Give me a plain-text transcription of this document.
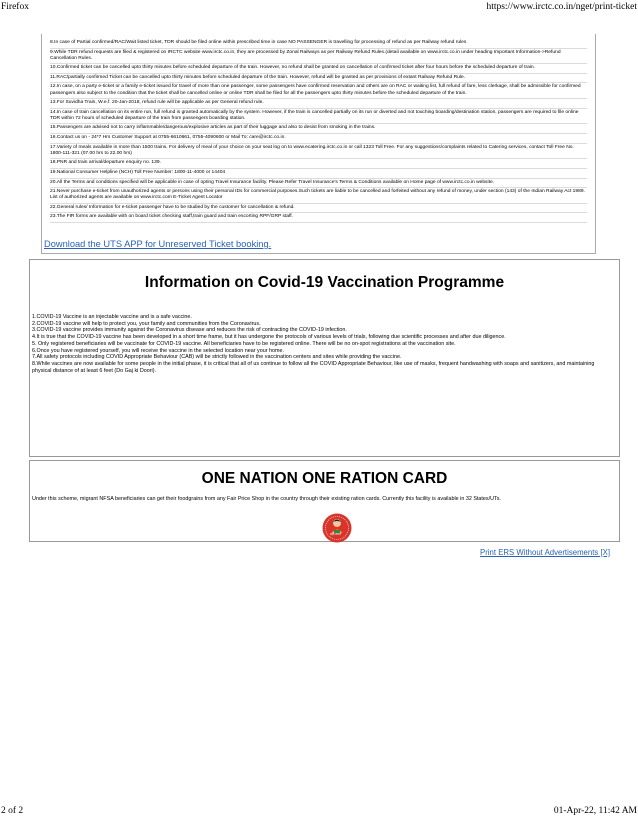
Firefox	https://www.irctc.co.in/nget/print-ticket
8.In case of Partial confirmed/RAC/Wait listed ticket, TDR should be filed online within prescribed time in case NO PASSENGER is travelling for processing of refund as per Railway refund rules
9.While TDR refund requests are filed & registered on IRCTC website www.irctc.co.in, they are processed by Zonal Railways as per Railway Refund Rules.(detail available on www.irctc.co.in under heading Important Information->Refund Cancellation Rules.
10.Confirmed ticket can be cancelled upto thirty minutes before scheduled departure of the train. However, no refund shall be granted on cancellation of confirmed ticket after four hours before the scheduled departure of train.
11.RAC/partially confirmed Ticket can be cancelled upto thirty minutes before scheduled departure of the train. However, refund will be granted as per provisions of extant Railway Refund Rule.
12.In case, on a party e-ticket or a family e-ticket issued for travel of more than one passenger, some passengers have confirmed reservation and others are on RAC or waiting list, full refund of fare, less clerkage, shall be admissible for confirmed passengers also subject to the condition that the ticket shall be cancelled online or online TDR shall be filed for all the passengers upto thirty minutes before the scheduled departure of the train.
13.For Suvidha Train, W.e.f. 20-Jan-2018, refund rule will be applicable as per General refund rule.
14.In case of train cancellation on its entire run, full refund is granted automatically by the system. However, if the train is cancelled partially on its run or diverted and not touching boarding/destination station, passengers are required to file online TDR within 72 hours of scheduled departure of the train from passengers boarding station.
15.Passengers are advised not to carry inflammable/dangerous/explosive articles as part of their luggage and also to desist from smoking in the trains.
16.Contact us on - 24*7 Hrs Customer Support at 0755-6610661, 0755-4090600 or Mail To: care@irctc.co.in.
17.Variety of meals available in more than 1500 trains. For delivery of meal of your choice on your seat log on to www.ecatering.irctc.co.in or call 1323 Toll Free. For any suggestions/complaints related to Catering services, contact Toll Free No. 1800-111-321 (07.00 hrs to 22.00 hrs)
18.PNR and train arrival/departure enquiry no. 139.
19.National Consumer Helpline (NCH) Toll Free Number: 1800-11-4000 or 14404
20.All the Terms and conditions specified will be applicable in case of opting Travel Insurance facility. Please Refer Travel Insurance's Terms & Conditions available on Home page of www.irctc.co.in website.
21.Never purchase e-ticket from unauthorized agents or persons using their personal IDs for commercial purposes.Such tickets are liable to be cancelled and forfeited without any refund of money, under section (143) of the Indian Railway Act 1989. List of authorized agents are available on www.irctc.com E-Ticket Agent Locator
22.General rules/ Information for e-ticket passenger have to be studied by the customer for cancellation & refund.
23.The FIR forms are available with on board ticket checking staff,train guard and train escorting RPF/GRP staff.
Download the UTS APP for Unreserved Ticket booking.
Information on Covid-19 Vaccination Programme
1.COVID-19 Vaccine is an injectable vaccine and is a safe vaccine.
2.COVID-19 vaccine will help to protect you, your family and communities from the Coronavirus.
3.COVID-19 vaccine provides immunity against the Coronavirus disease and reduces the risk of contracting the COVID-19 infection.
4.It is true that the COVID-19 vaccine has been developed in a short time frame, but it has undergone the protocols of various levels of trials, following due scientific processes and after due diligence.
5. Only registered beneficiaries will be vaccinate for COVID-19 vaccine. All beneficiaries have to be registered online. There will be no on-spot registrations at the vaccination site.
6.Once you have registered yourself, you will receive the vaccine in the selected location near your home.
7.All safety protocols including COVID Appropriate Behaviour (CAB) will be strictly followed in the vaccination centers and sites while providing the vaccine.
8.While vaccines are now available for some people in the initial phase, it is critical that all of us continue to follow all the COVID Appropriate Behaviour, like use of masks, frequent handwashing with soaps and sanitizers, and maintaining physical distance of at least 6 feet (Do Gaj ki Doori).
ONE NATION ONE RATION CARD
Under this scheme, migrant NFSA beneficiaries can get their foodgrains from any Fair Price Shop in the country through their existing ration cards. Currently this facility is available in 32 States/UTs.
सही राशन
Print ERS Without Advertisements [X]
2 of 2	01-Apr-22, 11:42 AM
